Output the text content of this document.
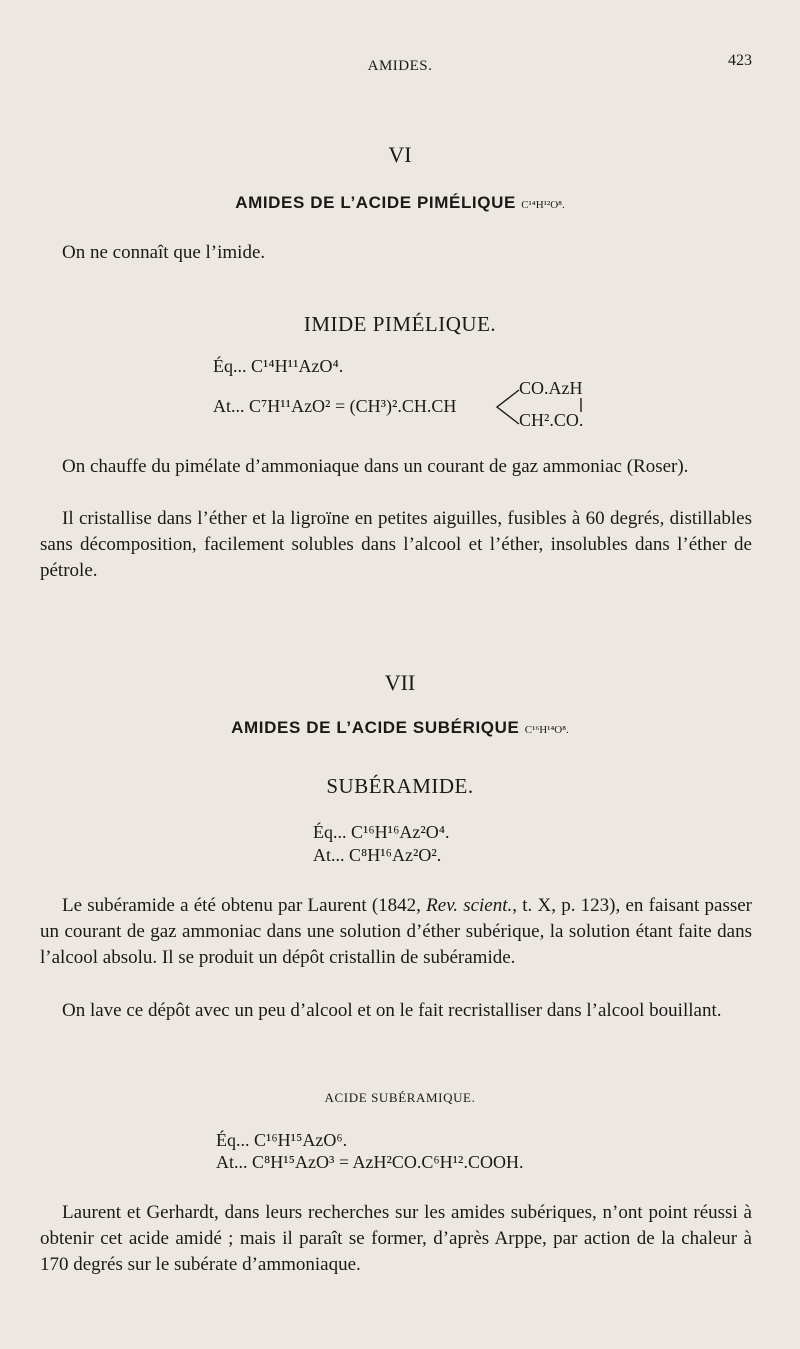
AMIDES.	423
VI
AMIDES DE L’ACIDE PIMÉLIQUE C¹⁴H¹²O⁸.
On ne connaît que l’imide.
IMIDE PIMÉLIQUE.
Éq... C¹⁴H¹¹AzO⁴.
At... C⁷H¹¹AzO² = (CH³)².CH.CH
CO.AzH
CH².CO.
On chauffe du pimélate d’ammoniaque dans un courant de gaz ammoniac (Roser).
Il cristallise dans l’éther et la ligroïne en petites aiguilles, fusibles à 60 degrés, distillables sans décomposition, facilement solubles dans l’alcool et l’éther, insolubles dans l’éther de pétrole.
VII
AMIDES DE L’ACIDE SUBÉRIQUE C¹⁶H¹⁴O⁸.
SUBÉRAMIDE.
Éq... C¹⁶H¹⁶Az²O⁴.
At... C⁸H¹⁶Az²O².
Le subéramide a été obtenu par Laurent (1842, Rev. scient., t. X, p. 123), en faisant passer un courant de gaz ammoniac dans une solution d’éther subérique, la solution étant faite dans l’alcool absolu. Il se produit un dépôt cristallin de subéramide.
On lave ce dépôt avec un peu d’alcool et on le fait recristalliser dans l’alcool bouillant.
ACIDE SUBÉRAMIQUE.
Éq... C¹⁶H¹⁵AzO⁶.
At... C⁸H¹⁵AzO³ = AzH²CO.C⁶H¹².COOH.
Laurent et Gerhardt, dans leurs recherches sur les amides subériques, n’ont point réussi à obtenir cet acide amidé ; mais il paraît se former, d’après Arppe, par action de la chaleur à 170 degrés sur le subérate d’ammoniaque.
